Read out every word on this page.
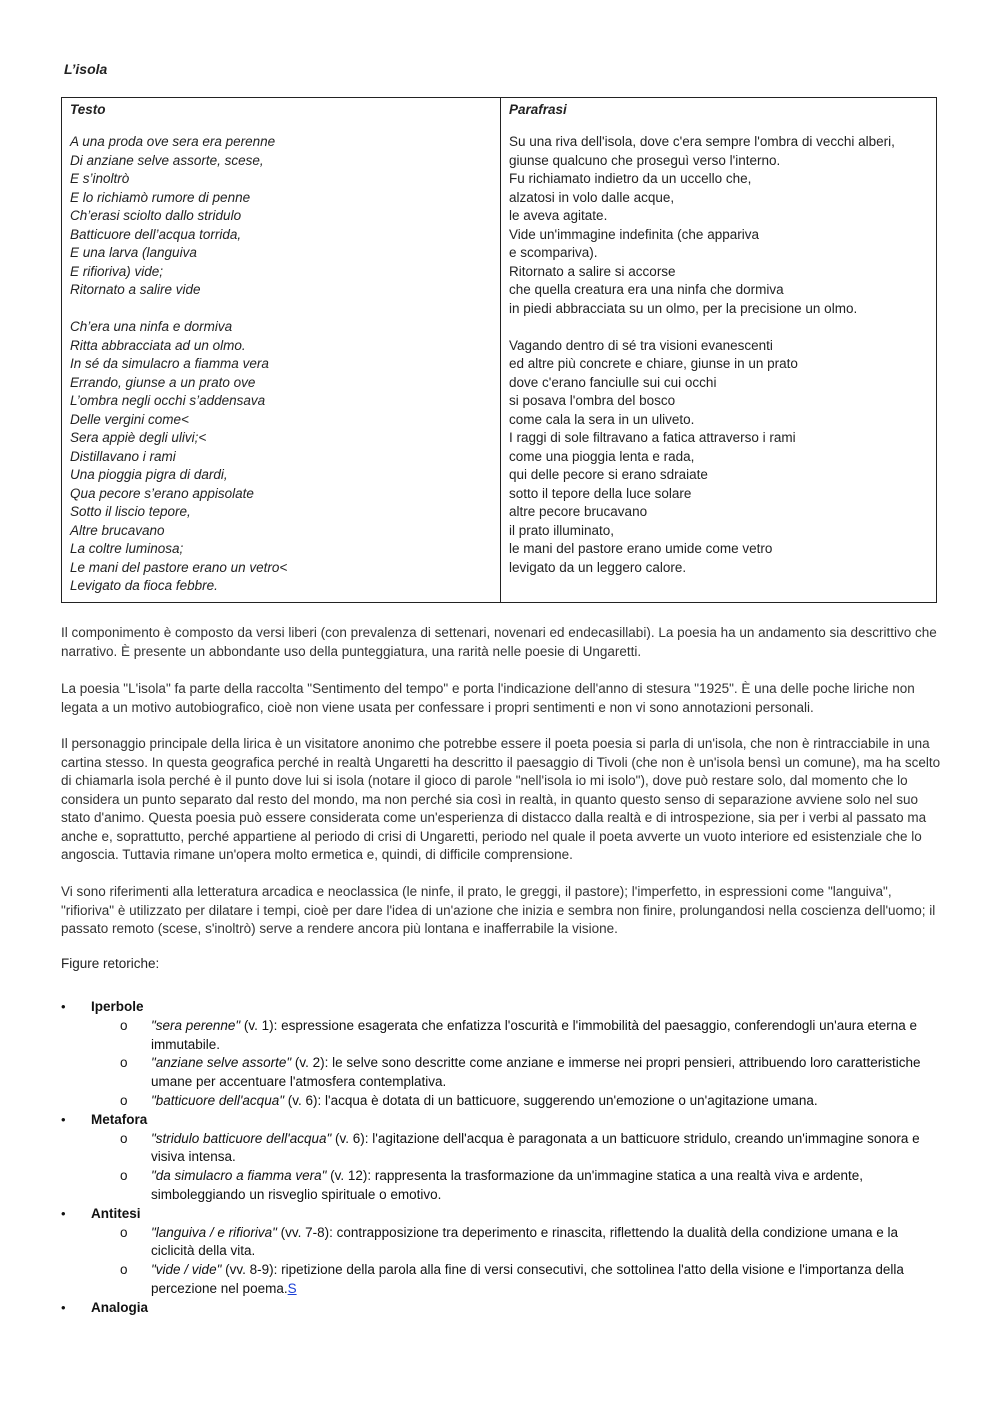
L’isola
Testo
A una proda ove sera era perenne
Di anziane selve assorte, scese,
E s’inoltrò
E lo richiamò rumore di penne
Ch’erasi sciolto dallo stridulo
Batticuore dell’acqua torrida,
E una larva (languiva
E rifioriva) vide;
Ritornato a salire vide
Ch’era una ninfa e dormiva
Ritta abbracciata ad un olmo.
In sé da simulacro a fiamma vera
Errando, giunse a un prato ove
L’ombra negli occhi s’addensava
Delle vergini come<
Sera appiè degli ulivi;<
Distillavano i rami
Una pioggia pigra di dardi,
Qua pecore s’erano appisolate
Sotto il liscio tepore,
Altre brucavano
La coltre luminosa;
Le mani del pastore erano un vetro<
Levigato da fioca febbre.
Parafrasi
Su una riva dell'isola, dove c'era sempre l'ombra di vecchi alberi,
giunse qualcuno che proseguì verso l'interno.
Fu richiamato indietro da un uccello che,
alzatosi in volo dalle acque,
le aveva agitate.
Vide un'immagine indefinita (che appariva
e scompariva).
Ritornato a salire si accorse
che quella creatura era una ninfa che dormiva
in piedi abbracciata su un olmo, per la precisione un olmo.
Vagando dentro di sé tra visioni evanescenti
ed altre più concrete e chiare, giunse in un prato
dove c'erano fanciulle sui cui occhi
si posava l'ombra del bosco
come cala la sera in un uliveto.
I raggi di sole filtravano a fatica attraverso i rami
come una pioggia lenta e rada,
qui delle pecore si erano sdraiate
sotto il tepore della luce solare
altre pecore brucavano
il prato illuminato,
le mani del pastore erano umide come vetro
levigato da un leggero calore.
Il componimento è composto da versi liberi (con prevalenza di settenari, novenari ed endecasillabi). La poesia ha un andamento sia descrittivo che narrativo. È presente un abbondante uso della punteggiatura, una rarità nelle poesie di Ungaretti.
La poesia "L'isola" fa parte della raccolta "Sentimento del tempo" e porta l'indicazione dell'anno di stesura "1925". È una delle poche liriche non legata a un motivo autobiografico, cioè non viene usata per confessare i propri sentimenti e non vi sono annotazioni personali.
Il personaggio principale della lirica è un visitatore anonimo che potrebbe essere il poeta poesia si parla di un'isola, che non è rintracciabile in una cartina stesso. In questa geografica perché in realtà Ungaretti ha descritto il paesaggio di Tivoli (che non è un'isola bensì un comune), ma ha scelto di chiamarla isola perché è il punto dove lui si isola (notare il gioco di parole "nell'isola io mi isolo"), dove può restare solo, dal momento che lo considera un punto separato dal resto del mondo, ma non perché sia così in realtà, in quanto questo senso di separazione avviene solo nel suo stato d'animo. Questa poesia può essere considerata come un'esperienza di distacco dalla realtà e di introspezione, sia per i verbi al passato ma anche e, soprattutto, perché appartiene al periodo di crisi di Ungaretti, periodo nel quale il poeta avverte un vuoto interiore ed esistenziale che lo angoscia. Tuttavia rimane un'opera molto ermetica e, quindi, di difficile comprensione.
Vi sono riferimenti alla letteratura arcadica e neoclassica (le ninfe, il prato, le greggi, il pastore); l'imperfetto, in espressioni come "languiva", "rifioriva" è utilizzato per dilatare i tempi, cioè per dare l'idea di un'azione che inizia e sembra non finire, prolungandosi nella coscienza dell'uomo; il passato remoto (scese, s'inoltrò) serve a rendere ancora più lontana e inafferrabile la visione.
Figure retoriche:
• Iperbole
o	"sera perenne" (v. 1): espressione esagerata che enfatizza l'oscurità e l'immobilità del paesaggio, conferendogli un'aura eterna e immutabile.
o	"anziane selve assorte" (v. 2): le selve sono descritte come anziane e immerse nei propri pensieri, attribuendo loro caratteristiche umane per accentuare l'atmosfera contemplativa.
o	"batticuore dell'acqua" (v. 6): l'acqua è dotata di un batticuore, suggerendo un'emozione o un'agitazione umana.
• Metafora
o	"stridulo batticuore dell'acqua" (v. 6): l'agitazione dell'acqua è paragonata a un batticuore stridulo, creando un'immagine sonora e visiva intensa.
o	"da simulacro a fiamma vera" (v. 12): rappresenta la trasformazione da un'immagine statica a una realtà viva e ardente, simboleggiando un risveglio spirituale o emotivo.
• Antitesi
o	"languiva / e rifioriva" (vv. 7-8): contrapposizione tra deperimento e rinascita, riflettendo la dualità della condizione umana e la ciclicità della vita.
o	"vide / vide" (vv. 8-9): ripetizione della parola alla fine di versi consecutivi, che sottolinea l'atto della visione e l'importanza della percezione nel poema.S
• Analogia
